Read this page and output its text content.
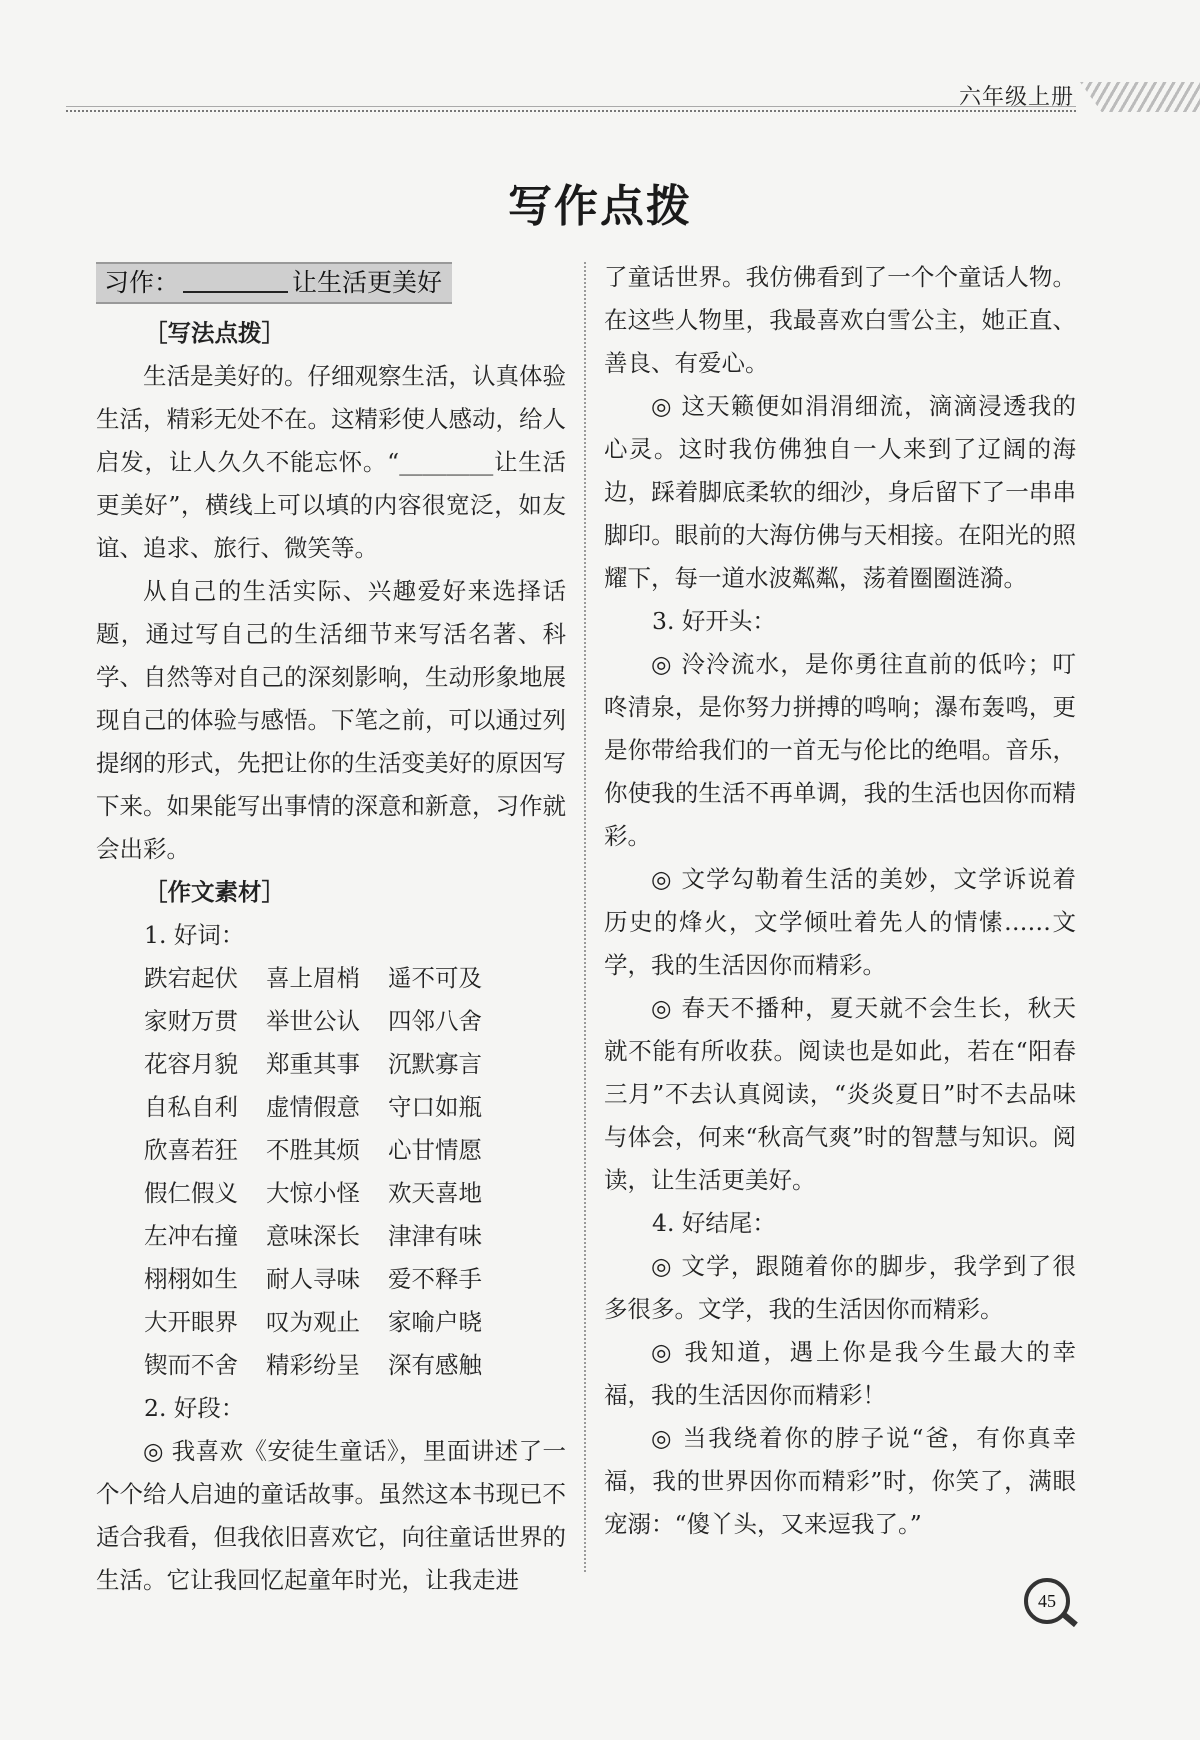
六年级上册
写作点拨
习作：	让生活更美好
［写法点拨］
生活是美好的。仔细观察生活，认真体验生活，精彩无处不在。这精彩使人感动，给人启发，让人久久不能忘怀。“________让生活更美好”，横线上可以填的内容很宽泛，如友谊、追求、旅行、微笑等。
从自己的生活实际、兴趣爱好来选择话题，通过写自己的生活细节来写活名著、科学、自然等对自己的深刻影响，生动形象地展现自己的体验与感悟。下笔之前，可以通过列提纲的形式，先把让你的生活变美好的原因写下来。如果能写出事情的深意和新意，习作就会出彩。
［作文素材］
1. 好词：
跌宕起伏	喜上眉梢	遥不可及
家财万贯	举世公认	四邻八舍
花容月貌	郑重其事	沉默寡言
自私自利	虚情假意	守口如瓶
欣喜若狂	不胜其烦	心甘情愿
假仁假义	大惊小怪	欢天喜地
左冲右撞	意味深长	津津有味
栩栩如生	耐人寻味	爱不释手
大开眼界	叹为观止	家喻户晓
锲而不舍	精彩纷呈	深有感触
2. 好段：
◎ 我喜欢《安徒生童话》，里面讲述了一个个给人启迪的童话故事。虽然这本书现已不适合我看，但我依旧喜欢它，向往童话世界的生活。它让我回忆起童年时光，让我走进
了童话世界。我仿佛看到了一个个童话人物。在这些人物里，我最喜欢白雪公主，她正直、善良、有爱心。
◎ 这天籁便如涓涓细流，滴滴浸透我的心灵。这时我仿佛独自一人来到了辽阔的海边，踩着脚底柔软的细沙，身后留下了一串串脚印。眼前的大海仿佛与天相接。在阳光的照耀下，每一道水波粼粼，荡着圈圈涟漪。
3. 好开头：
◎ 泠泠流水，是你勇往直前的低吟；叮咚清泉，是你努力拼搏的鸣响；瀑布轰鸣，更是你带给我们的一首无与伦比的绝唱。音乐，你使我的生活不再单调，我的生活也因你而精彩。
◎ 文学勾勒着生活的美妙，文学诉说着历史的烽火，文学倾吐着先人的情愫……文学，我的生活因你而精彩。
◎ 春天不播种，夏天就不会生长，秋天就不能有所收获。阅读也是如此，若在“阳春三月”不去认真阅读，“炎炎夏日”时不去品味与体会，何来“秋高气爽”时的智慧与知识。阅读，让生活更美好。
4. 好结尾：
◎ 文学，跟随着你的脚步，我学到了很多很多。文学，我的生活因你而精彩。
◎ 我知道，遇上你是我今生最大的幸福，我的生活因你而精彩！
◎ 当我绕着你的脖子说“爸，有你真幸福，我的世界因你而精彩”时，你笑了，满眼宠溺：“傻丫头，又来逗我了。”
45
